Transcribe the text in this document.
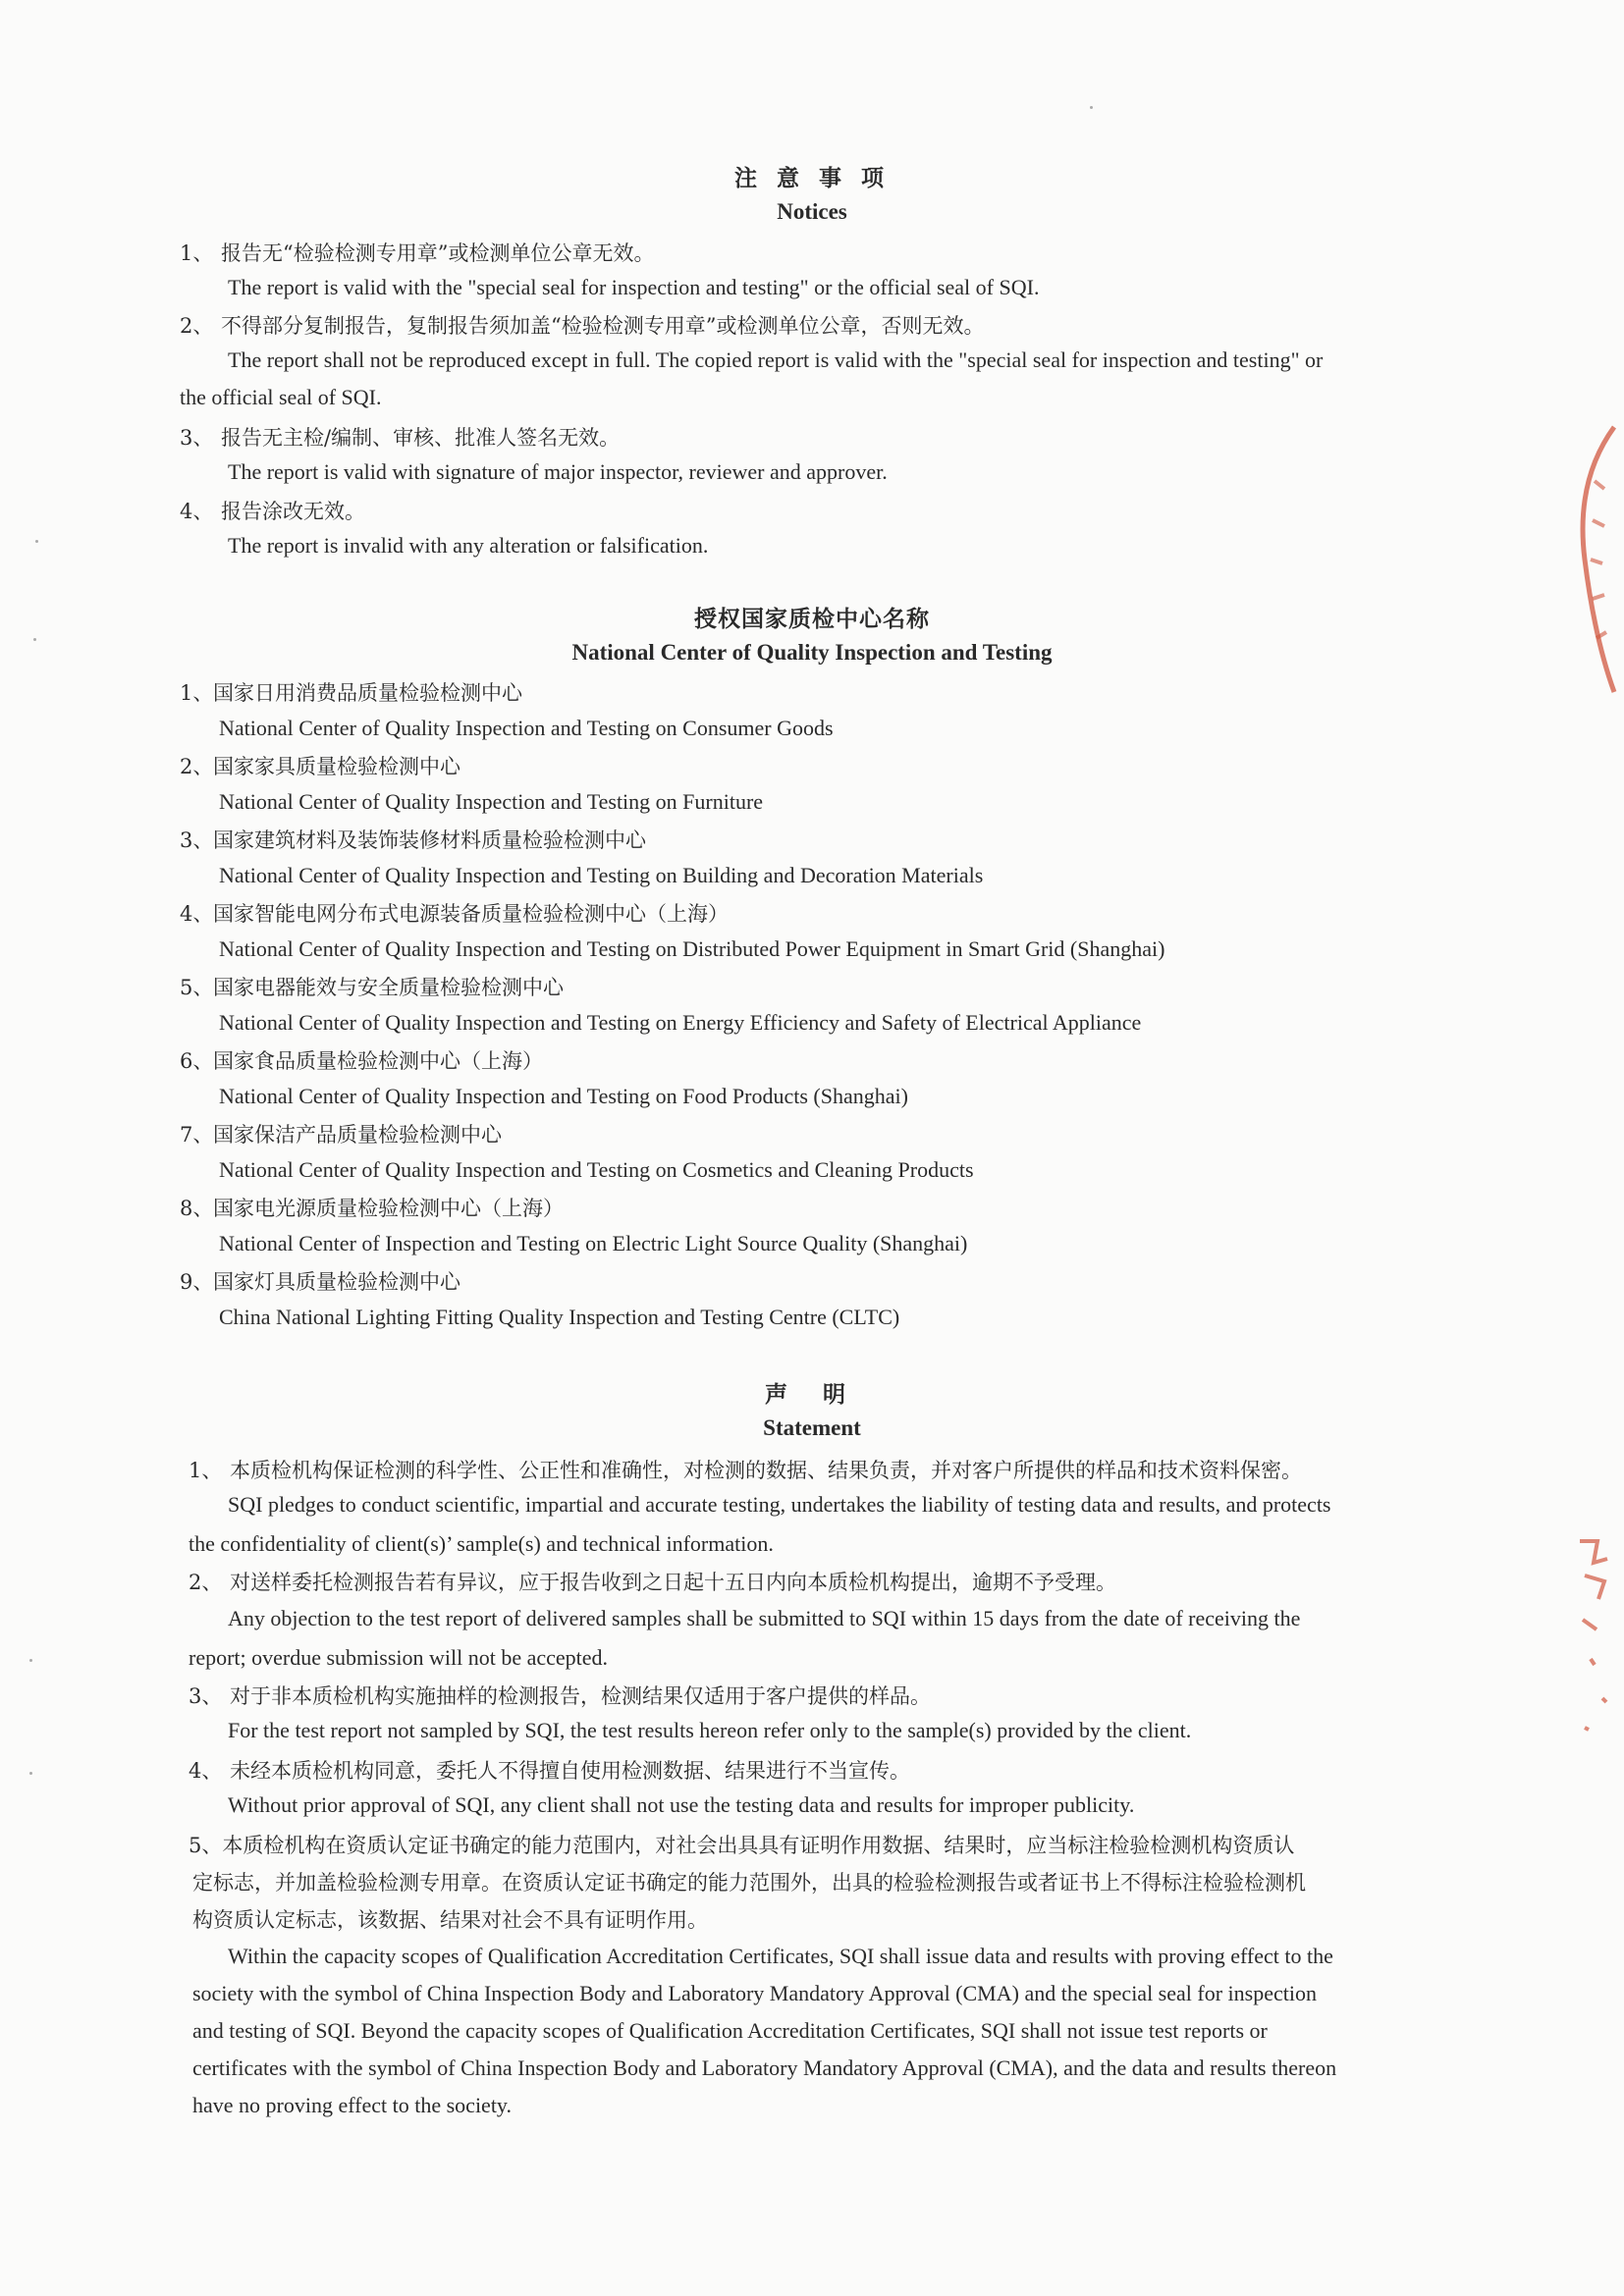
注 意 事 项
Notices
1、 报告无“检验检测专用章”或检测单位公章无效。
The report is valid with the "special seal for inspection and testing" or the official seal of SQI.
2、 不得部分复制报告，复制报告须加盖“检验检测专用章”或检测单位公章，否则无效。
The report shall not be reproduced except in full. The copied report is valid with the "special seal for inspection and testing" or
the official seal of SQI.
3、 报告无主检/编制、审核、批准人签名无效。
The report is valid with signature of major inspector, reviewer and approver.
4、 报告涂改无效。
The report is invalid with any alteration or falsification.
授权国家质检中心名称
National Center of Quality Inspection and Testing
1、国家日用消费品质量检验检测中心
National Center of Quality Inspection and Testing on Consumer Goods
2、国家家具质量检验检测中心
National Center of Quality Inspection and Testing on Furniture
3、国家建筑材料及装饰装修材料质量检验检测中心
National Center of Quality Inspection and Testing on Building and Decoration Materials
4、国家智能电网分布式电源装备质量检验检测中心（上海）
National Center of Quality Inspection and Testing on Distributed Power Equipment in Smart Grid (Shanghai)
5、国家电器能效与安全质量检验检测中心
National Center of Quality Inspection and Testing on Energy Efficiency and Safety of Electrical Appliance
6、国家食品质量检验检测中心（上海）
National Center of Quality Inspection and Testing on Food Products (Shanghai)
7、国家保洁产品质量检验检测中心
National Center of Quality Inspection and Testing on Cosmetics and Cleaning Products
8、国家电光源质量检验检测中心（上海）
National Center of Inspection and Testing on Electric Light Source Quality (Shanghai)
9、国家灯具质量检验检测中心
China National Lighting Fitting Quality Inspection and Testing Centre (CLTC)
声 明
Statement
1、 本质检机构保证检测的科学性、公正性和准确性，对检测的数据、结果负责，并对客户所提供的样品和技术资料保密。
SQI pledges to conduct scientific, impartial and accurate testing, undertakes the liability of testing data and results, and protects
the confidentiality of client(s)’ sample(s) and technical information.
2、 对送样委托检测报告若有异议，应于报告收到之日起十五日内向本质检机构提出，逾期不予受理。
Any objection to the test report of delivered samples shall be submitted to SQI within 15 days from the date of receiving the
report; overdue submission will not be accepted.
3、 对于非本质检机构实施抽样的检测报告，检测结果仅适用于客户提供的样品。
For the test report not sampled by SQI, the test results hereon refer only to the sample(s) provided by the client.
4、 未经本质检机构同意，委托人不得擅自使用检测数据、结果进行不当宣传。
Without prior approval of SQI, any client shall not use the testing data and results for improper publicity.
5、本质检机构在资质认定证书确定的能力范围内，对社会出具具有证明作用数据、结果时，应当标注检验检测机构资质认
定标志，并加盖检验检测专用章。在资质认定证书确定的能力范围外，出具的检验检测报告或者证书上不得标注检验检测机
构资质认定标志，该数据、结果对社会不具有证明作用。
Within the capacity scopes of Qualification Accreditation Certificates, SQI shall issue data and results with proving effect to the
society with the symbol of China Inspection Body and Laboratory Mandatory Approval (CMA) and the special seal for inspection
and testing of SQI. Beyond the capacity scopes of Qualification Accreditation Certificates, SQI shall not issue test reports or
certificates with the symbol of China Inspection Body and Laboratory Mandatory Approval (CMA), and the data and results thereon
have no proving effect to the society.
